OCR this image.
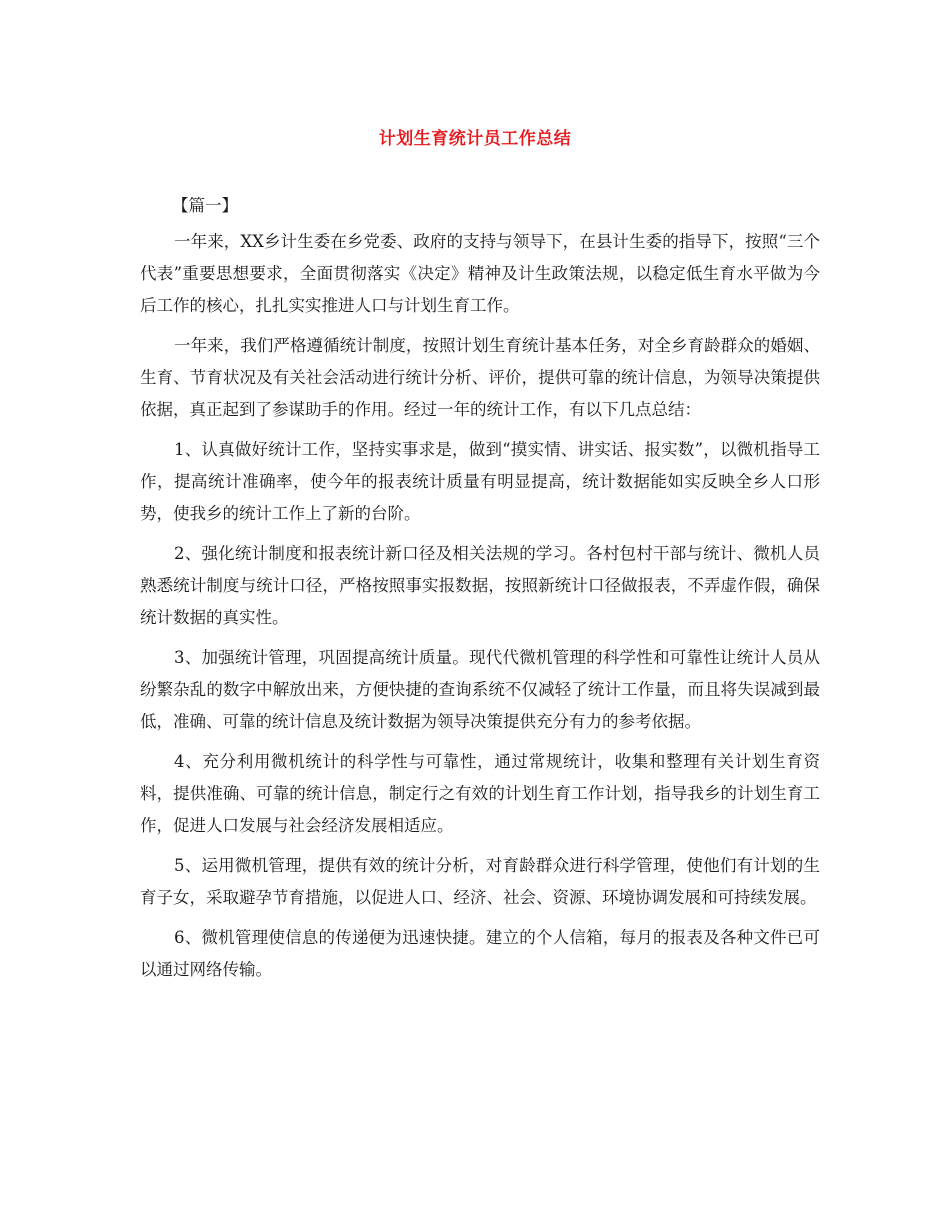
计划生育统计员工作总结
【篇一】

一年来，XX乡计生委在乡党委、政府的支持与领导下，在县计生委的指导下，按照“三个代表”重要思想要求，全面贯彻落实《决定》精神及计生政策法规，以稳定低生育水平做为今后工作的核心，扎扎实实推进人口与计划生育工作。

一年来，我们严格遵循统计制度，按照计划生育统计基本任务，对全乡育龄群众的婚姻、生育、节育状况及有关社会活动进行统计分析、评价，提供可靠的统计信息，为领导决策提供依据，真正起到了参谋助手的作用。经过一年的统计工作，有以下几点总结：

1、认真做好统计工作，坚持实事求是，做到“摸实情、讲实话、报实数”，以微机指导工作，提高统计准确率，使今年的报表统计质量有明显提高，统计数据能如实反映全乡人口形势，使我乡的统计工作上了新的台阶。

2、强化统计制度和报表统计新口径及相关法规的学习。各村包村干部与统计、微机人员熟悉统计制度与统计口径，严格按照事实报数据，按照新统计口径做报表，不弄虚作假，确保统计数据的真实性。

3、加强统计管理，巩固提高统计质量。现代代微机管理的科学性和可靠性让统计人员从纷繁杂乱的数字中解放出来，方便快捷的查询系统不仅减轻了统计工作量，而且将失误减到最低，准确、可靠的统计信息及统计数据为领导决策提供充分有力的参考依据。

4、充分利用微机统计的科学性与可靠性，通过常规统计，收集和整理有关计划生育资料，提供准确、可靠的统计信息，制定行之有效的计划生育工作计划，指导我乡的计划生育工作，促进人口发展与社会经济发展相适应。

5、运用微机管理，提供有效的统计分析，对育龄群众进行科学管理，使他们有计划的生育子女，采取避孕节育措施，以促进人口、经济、社会、资源、环境协调发展和可持续发展。

6、微机管理使信息的传递便为迅速快捷。建立的个人信箱，每月的报表及各种文件已可以通过网络传输。
